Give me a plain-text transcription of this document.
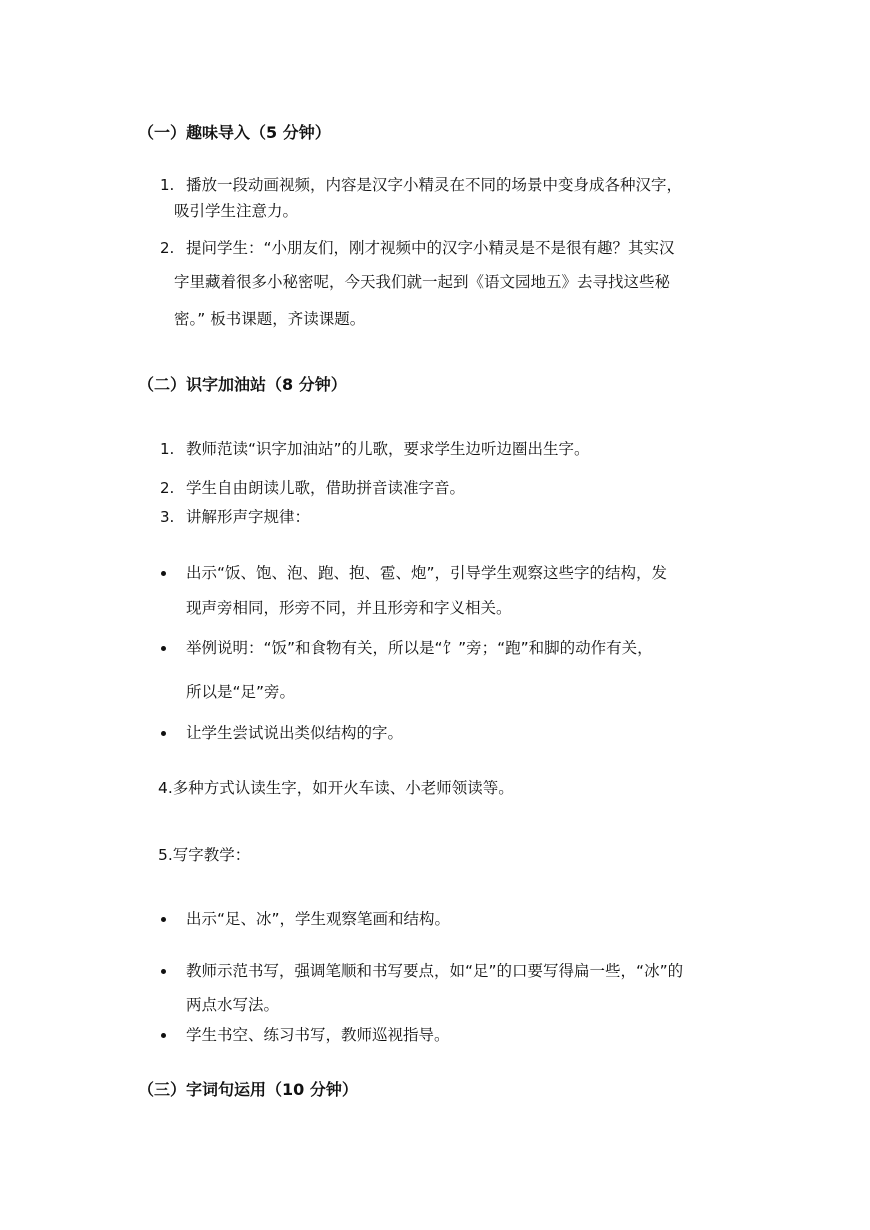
（一）趣味导入（5 分钟）
1. 播放一段动画视频，内容是汉字小精灵在不同的场景中变身成各种汉字，
吸引学生注意力。
2. 提问学生：“小朋友们，刚才视频中的汉字小精灵是不是很有趣？其实汉
字里藏着很多小秘密呢，今天我们就一起到《语文园地五》去寻找这些秘
密。” 板书课题，齐读课题。
（二）识字加油站（8 分钟）
1. 教师范读“识字加油站”的儿歌，要求学生边听边圈出生字。
2. 学生自由朗读儿歌，借助拼音读准字音。
3. 讲解形声字规律：
出示“饭、饱、泡、跑、抱、雹、炮”，引导学生观察这些字的结构，发
现声旁相同，形旁不同，并且形旁和字义相关。
举例说明：“饭”和食物有关，所以是“饣”旁；“跑”和脚的动作有关，
所以是“足”旁。
让学生尝试说出类似结构的字。
4.多种方式认读生字，如开火车读、小老师领读等。
5.写字教学：
出示“足、冰”，学生观察笔画和结构。
教师示范书写，强调笔顺和书写要点，如“足”的口要写得扁一些，“冰”的
两点水写法。
学生书空、练习书写，教师巡视指导。
（三）字词句运用（10 分钟）
